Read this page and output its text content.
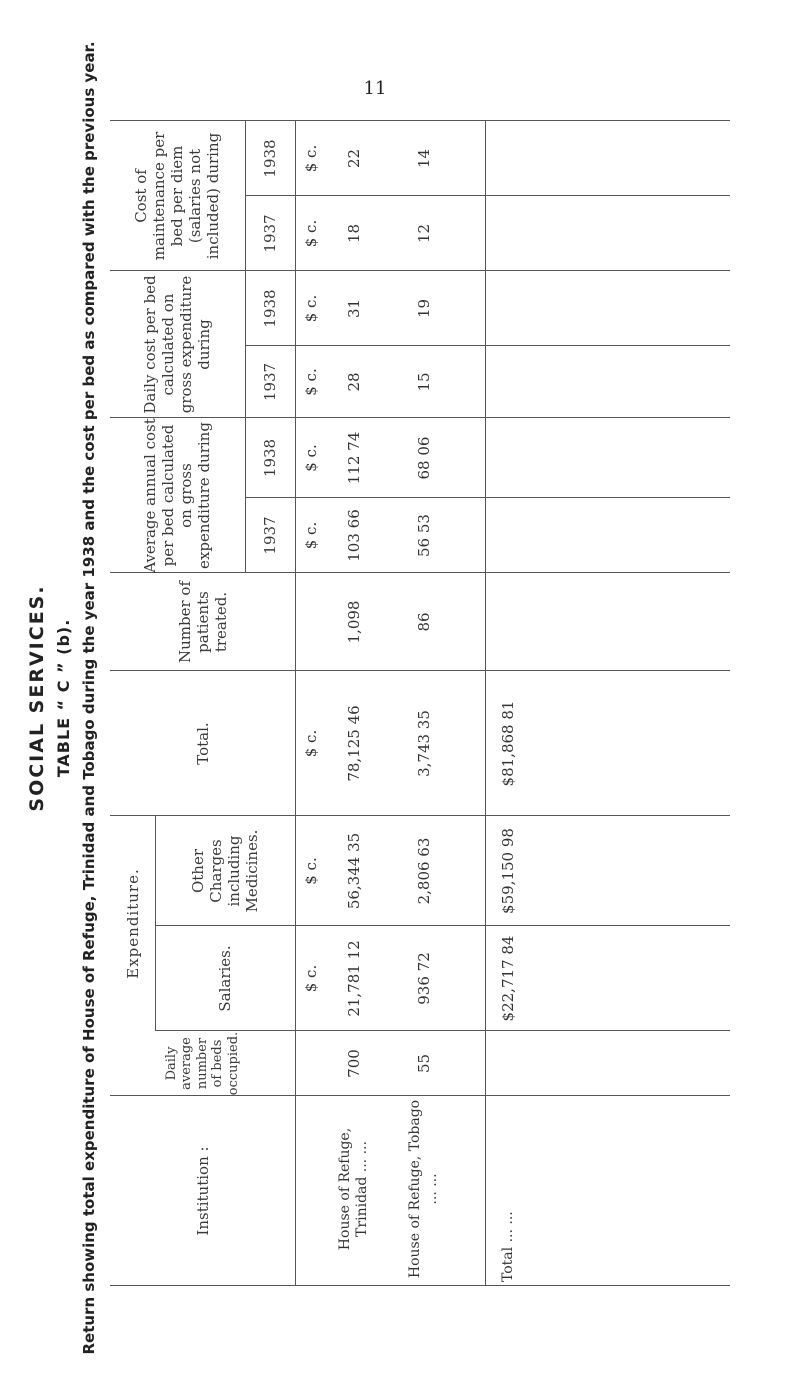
11
SOCIAL SERVICES. TABLE “ C ” (b). Return showing total expenditure of House of Refuge, Trinidad and Tobago during the year 1938 and the cost per bed as compared with the previous year.	Institution :
Daily average number of beds occupied.
Expenditure.	Salaries.
Other Charges including Medicines.
Total.
Number of patients treated.
Average annual cost per bed calculated on gross expenditure during
Daily cost per bed calculated on gross expenditure during
Cost of maintenance per bed per diem (salaries not included) during
1937
1938
1937
1938
1937
1938
$ c.
$ c.
$ c.
$ c.
$ c.
$ c.
$ c.
$ c.
$ c.
House of Refuge, Trinidad ... ...
700
21,781 12
56,344 35
78,125 46
1,098
103 66
112 74
28
31
18
22
House of Refuge, Tobago ... ...
55
936 72
2,806 63
3,743 35
86
56 53
68 06
15
19
12
14
Total ... ...
$22,717 84
$59,150 98
$81,868 81
